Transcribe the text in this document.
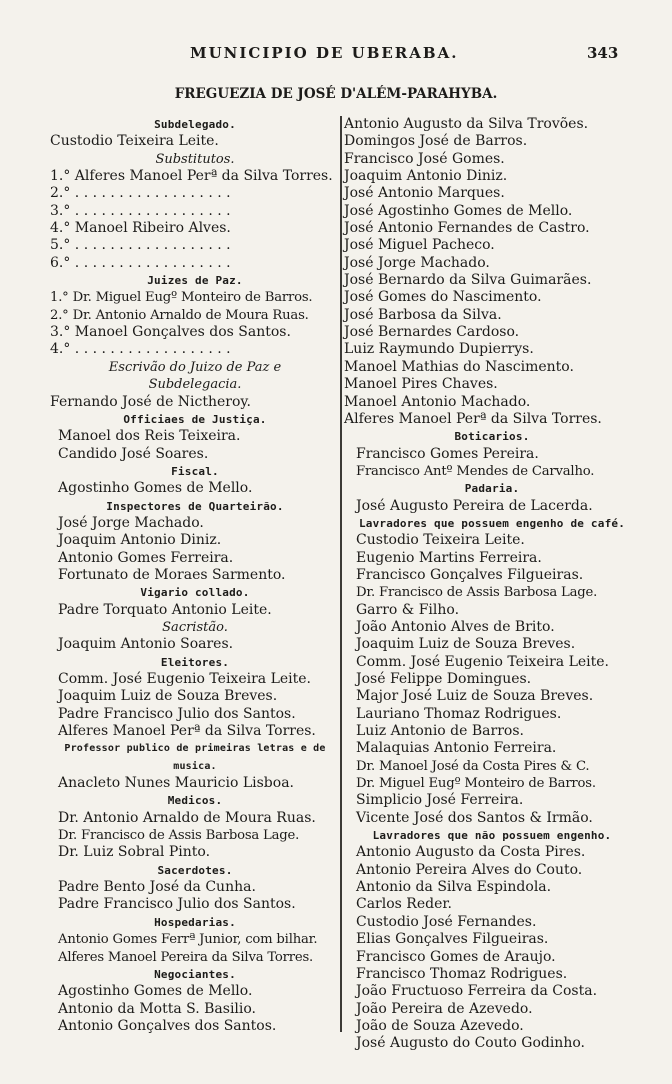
MUNICIPIO DE UBERABA.	343
FREGUEZIA DE JOSÉ D'ALÉM-PARAHYBA.
Subdelegado.
Custodio Teixeira Leite.
Substitutos.
1.° Alferes Manoel Perª da Silva Torres.
2.° . . . . . . . . . . . . . . . . . .
3.° . . . . . . . . . . . . . . . . . .
4.° Manoel Ribeiro Alves.
5.° . . . . . . . . . . . . . . . . . .
6.° . . . . . . . . . . . . . . . . . .
Juizes de Paz.
1.° Dr. Miguel Eugº Monteiro de Barros.
2.° Dr. Antonio Arnaldo de Moura Ruas.
3.° Manoel Gonçalves dos Santos.
4.° . . . . . . . . . . . . . . . . . .
Escrivão do Juizo de Paz e
Subdelegacia.
Fernando José de Nictheroy.
Officiaes de Justiça.
Manoel dos Reis Teixeira.
Candido José Soares.
Fiscal.
Agostinho Gomes de Mello.
Inspectores de Quarteirão.
José Jorge Machado.
Joaquim Antonio Diniz.
Antonio Gomes Ferreira.
Fortunato de Moraes Sarmento.
Vigario collado.
Padre Torquato Antonio Leite.
Sacristão.
Joaquim Antonio Soares.
Eleitores.
Comm. José Eugenio Teixeira Leite.
Joaquim Luiz de Souza Breves.
Padre Francisco Julio dos Santos.
Alferes Manoel Perª da Silva Torres.
Professor publico de primeiras letras e de
musica.
Anacleto Nunes Mauricio Lisboa.
Medicos.
Dr. Antonio Arnaldo de Moura Ruas.
Dr. Francisco de Assis Barbosa Lage.
Dr. Luiz Sobral Pinto.
Sacerdotes.
Padre Bento José da Cunha.
Padre Francisco Julio dos Santos.
Hospedarias.
Antonio Gomes Ferrª Junior, com bilhar.
Alferes Manoel Pereira da Silva Torres.
Negociantes.
Agostinho Gomes de Mello.
Antonio da Motta S. Basilio.
Antonio Gonçalves dos Santos.
Antonio Augusto da Silva Trovões.
Domingos José de Barros.
Francisco José Gomes.
Joaquim Antonio Diniz.
José Antonio Marques.
José Agostinho Gomes de Mello.
José Antonio Fernandes de Castro.
José Miguel Pacheco.
José Jorge Machado.
José Bernardo da Silva Guimarães.
José Gomes do Nascimento.
José Barbosa da Silva.
José Bernardes Cardoso.
Luiz Raymundo Dupierrys.
Manoel Mathias do Nascimento.
Manoel Pires Chaves.
Manoel Antonio Machado.
Alferes Manoel Perª da Silva Torres.
Boticarios.
Francisco Gomes Pereira.
Francisco Antº Mendes de Carvalho.
Padaria.
José Augusto Pereira de Lacerda.
Lavradores que possuem engenho de café.
Custodio Teixeira Leite.
Eugenio Martins Ferreira.
Francisco Gonçalves Filgueiras.
Dr. Francisco de Assis Barbosa Lage.
Garro & Filho.
João Antonio Alves de Brito.
Joaquim Luiz de Souza Breves.
Comm. José Eugenio Teixeira Leite.
José Felippe Domingues.
Major José Luiz de Souza Breves.
Lauriano Thomaz Rodrigues.
Luiz Antonio de Barros.
Malaquias Antonio Ferreira.
Dr. Manoel José da Costa Pires & C.
Dr. Miguel Eugº Monteiro de Barros.
Simplicio José Ferreira.
Vicente José dos Santos & Irmão.
Lavradores que não possuem engenho.
Antonio Augusto da Costa Pires.
Antonio Pereira Alves do Couto.
Antonio da Silva Espindola.
Carlos Reder.
Custodio José Fernandes.
Elias Gonçalves Filgueiras.
Francisco Gomes de Araujo.
Francisco Thomaz Rodrigues.
João Fructuoso Ferreira da Costa.
João Pereira de Azevedo.
João de Souza Azevedo.
José Augusto do Couto Godinho.
